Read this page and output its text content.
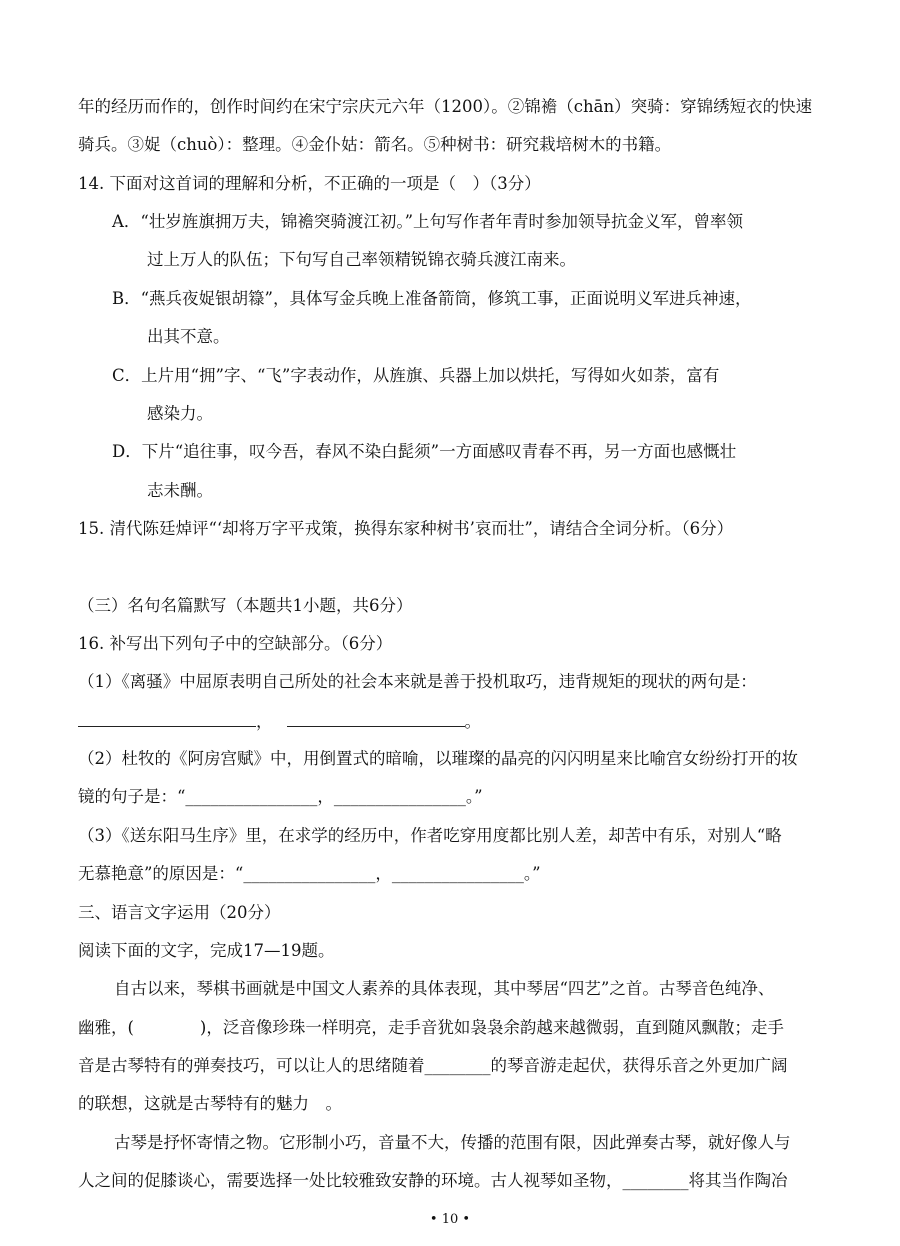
年的经历而作的，创作时间约在宋宁宗庆元六年（1200）。②锦襜（chān）突骑：穿锦绣短衣的快速
骑兵。③娖（chuò）：整理。④金仆姑：箭名。⑤种树书：研究栽培树木的书籍。
14. 下面对这首词的理解和分析，不正确的一项是（　）（3分）
A．“壮岁旌旗拥万夫，锦襜突骑渡江初。”上句写作者年青时参加领导抗金义军，曾率领
过上万人的队伍；下句写自己率领精锐锦衣骑兵渡江南来。
B．“燕兵夜娖银胡簶”，具体写金兵晚上准备箭筒，修筑工事，正面说明义军进兵神速，
出其不意。
C．上片用“拥”字、“飞”字表动作，从旌旗、兵器上加以烘托，写得如火如荼，富有
感染力。
D．下片“追往事，叹今吾，春风不染白髭须”一方面感叹青春不再，另一方面也感慨壮
志未酬。
15. 清代陈廷焯评“‘却将万字平戎策，换得东家种树书’哀而壮”，请结合全词分析。（6分）
（三）名句名篇默写（本题共1小题，共6分）
16. 补写出下列句子中的空缺部分。（6分）
（1）《离骚》中屈原表明自己所处的社会本来就是善于投机取巧，违背规矩的现状的两句是：
，	。
（2）杜牧的《阿房宫赋》中，用倒置式的暗喻，以璀璨的晶亮的闪闪明星来比喻宫女纷纷打开的妆
镜的句子是：“________________，________________。”
（3）《送东阳马生序》里，在求学的经历中，作者吃穿用度都比别人差，却苦中有乐，对别人“略
无慕艳意”的原因是：“________________，________________。”
三、语言文字运用（20分）
阅读下面的文字，完成17—19题。
自古以来，琴棋书画就是中国文人素养的具体表现，其中琴居“四艺”之首。古琴音色纯净、
幽雅，(　　　　)，泛音像珍珠一样明亮，走手音犹如袅袅余韵越来越微弱，直到随风飘散；走手
音是古琴特有的弹奏技巧，可以让人的思绪随着________的琴音游走起伏，获得乐音之外更加广阔
的联想，这就是古琴特有的魅力　。
古琴是抒怀寄情之物。它形制小巧，音量不大，传播的范围有限，因此弹奏古琴，就好像人与
人之间的促膝谈心，需要选择一处比较雅致安静的环境。古人视琴如圣物，________将其当作陶冶
• 10 •
